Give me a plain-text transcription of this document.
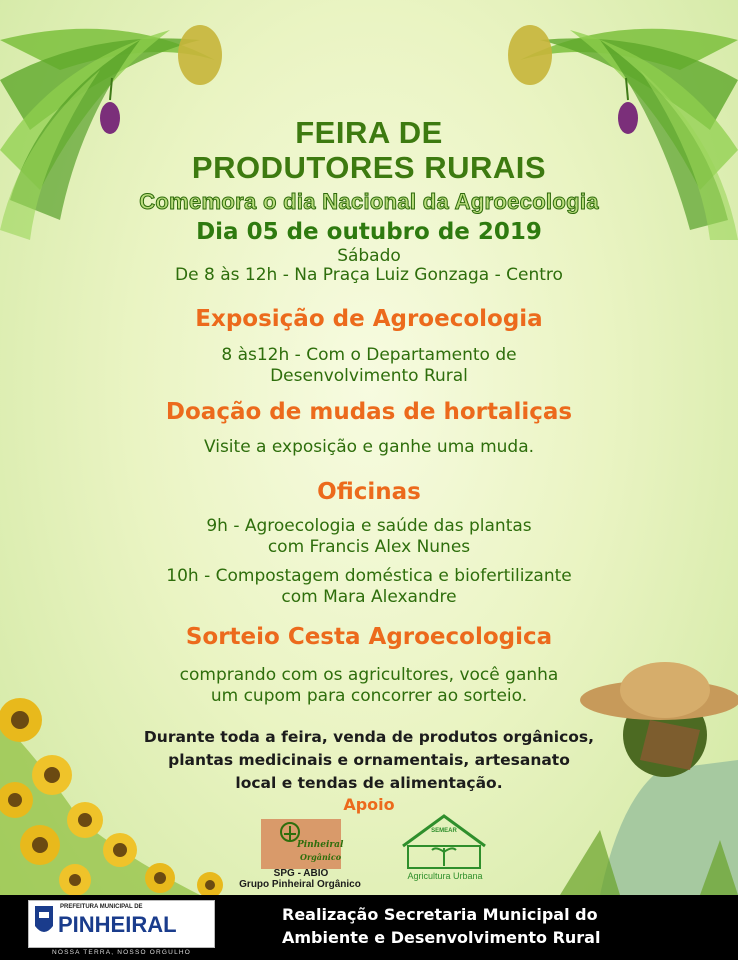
FEIRA DE
PRODUTORES RURAIS
Comemora o dia Nacional da Agroecologia
Dia 05 de outubro de 2019
Sábado
De 8 às 12h - Na Praça Luiz Gonzaga - Centro
Exposição de Agroecologia
8 às12h - Com o Departamento de
Desenvolvimento Rural
Doação de mudas de hortaliças
Visite a exposição e ganhe uma muda.
Oficinas
9h - Agroecologia e saúde das plantas
com Francis Alex Nunes
10h - Compostagem doméstica e biofertilizante
com Mara Alexandre
Sorteio Cesta Agroecologica
comprando com os agricultores, você ganha
um cupom para concorrer ao sorteio.
Durante toda a feira, venda de produtos orgânicos,
plantas medicinais e ornamentais, artesanato
local e tendas de alimentação.
Apoio
Pinheiral
Orgânico
SPG - ABIO
Grupo Pinheiral Orgânico
SEMEAR
Agricultura Urbana
PREFEITURA MUNICIPAL DE
PINHEIRAL
NOSSA TERRA, NOSSO ORGULHO
Realização Secretaria Municipal do
Ambiente e Desenvolvimento Rural
